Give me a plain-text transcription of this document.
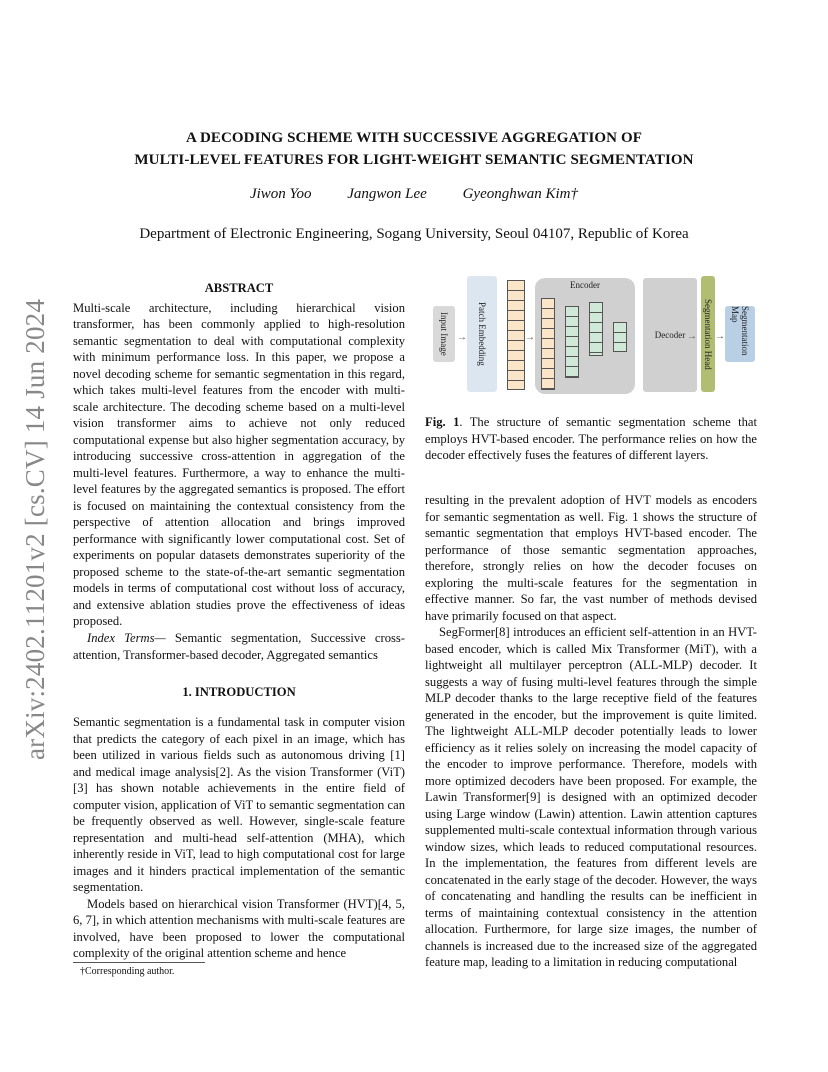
arXiv:2402.11201v2 [cs.CV] 14 Jun 2024
A DECODING SCHEME WITH SUCCESSIVE AGGREGATION OF
MULTI-LEVEL FEATURES FOR LIGHT-WEIGHT SEMANTIC SEGMENTATION
Jiwon Yoo Jangwon Lee Gyeonghwan Kim†
Department of Electronic Engineering, Sogang University, Seoul 04107, Republic of Korea
ABSTRACT

Multi-scale architecture, including hierarchical vision transformer, has been commonly applied to high-resolution semantic segmentation to deal with computational complexity with minimum performance loss. In this paper, we propose a novel decoding scheme for semantic segmentation in this regard, which takes multi-level features from the encoder with multi-scale architecture. The decoding scheme based on a multi-level vision transformer aims to achieve not only reduced computational expense but also higher segmentation accuracy, by introducing successive cross-attention in aggregation of the multi-level features. Furthermore, a way to enhance the multi-level features by the aggregated semantics is proposed. The effort is focused on maintaining the contextual consistency from the perspective of attention allocation and brings improved performance with significantly lower computational cost. Set of experiments on popular datasets demonstrates superiority of the proposed scheme to the state-of-the-art semantic segmentation models in terms of computational cost without loss of accuracy, and extensive ablation studies prove the effectiveness of ideas proposed.

Index Terms— Semantic segmentation, Successive cross-attention, Transformer-based decoder, Aggregated semantics

1. INTRODUCTION

Semantic segmentation is a fundamental task in computer vision that predicts the category of each pixel in an image, which has been utilized in various fields such as autonomous driving [1] and medical image analysis[2]. As the vision Transformer (ViT)[3] has shown notable achievements in the entire field of computer vision, application of ViT to semantic segmentation can be frequently observed as well. However, single-scale feature representation and multi-head self-attention (MHA), which inherently reside in ViT, lead to high computational cost for large images and it hinders practical implementation of the semantic segmentation.

Models based on hierarchical vision Transformer (HVT)[4, 5, 6, 7], in which attention mechanisms with multi-scale features are involved, have been proposed to lower the computational complexity of the original attention scheme and hence

†Corresponding author.
Input Image → Patch Embedding	→
Encoder
Decoder → Segmentation Head →	Segmentation Map
Fig. 1. The structure of semantic segmentation scheme that employs HVT-based encoder. The performance relies on how the decoder effectively fuses the features of different layers.

resulting in the prevalent adoption of HVT models as encoders for semantic segmentation as well. Fig. 1 shows the structure of semantic segmentation that employs HVT-based encoder. The performance of those semantic segmentation approaches, therefore, strongly relies on how the decoder focuses on exploring the multi-scale features for the segmentation in effective manner. So far, the vast number of methods devised have primarily focused on that aspect.

SegFormer[8] introduces an efficient self-attention in an HVT-based encoder, which is called Mix Transformer (MiT), with a lightweight all multilayer perceptron (ALL-MLP) decoder. It suggests a way of fusing multi-level features through the simple MLP decoder thanks to the large receptive field of the features generated in the encoder, but the improvement is quite limited. The lightweight ALL-MLP decoder potentially leads to lower efficiency as it relies solely on increasing the model capacity of the encoder to improve performance. Therefore, models with more optimized decoders have been proposed. For example, the Lawin Transformer[9] is designed with an optimized decoder using Large window (Lawin) attention. Lawin attention captures supplemented multi-scale contextual information through various window sizes, which leads to reduced computational resources. In the implementation, the features from different levels are concatenated in the early stage of the decoder. However, the ways of concatenating and handling the results can be inefficient in terms of maintaining contextual consistency in the attention allocation. Furthermore, for large size images, the number of channels is increased due to the increased size of the aggregated feature map, leading to a limitation in reducing computational
